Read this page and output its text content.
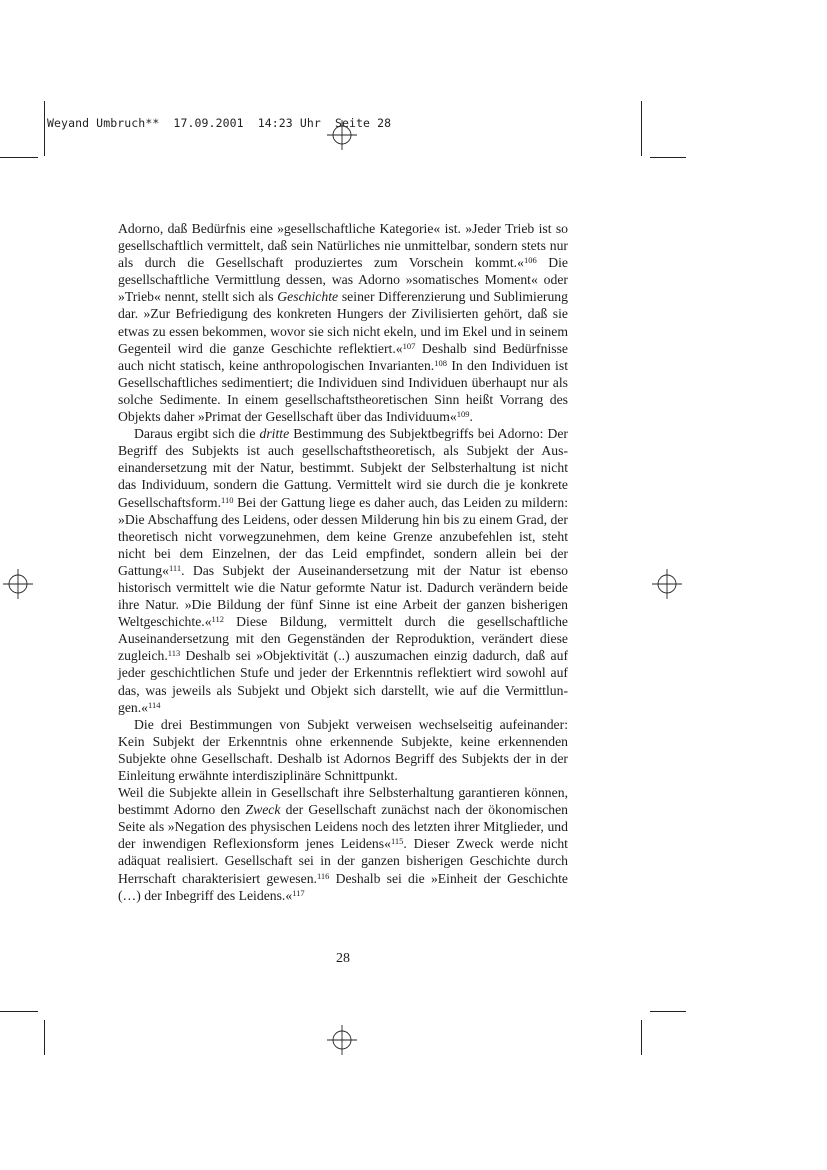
Weyand Umbruch**  17.09.2001  14:23 Uhr  Seite 28

Adorno, daß Bedürfnis eine »gesellschaftliche Kategorie« ist. »Jeder Trieb ist so gesellschaftlich vermittelt, daß sein Natürliches nie unmittelbar, sondern stets nur als durch die Gesellschaft produziertes zum Vorschein kommt.«$^{106}$ Die gesellschaftliche Vermittlung dessen, was Adorno »somatisches Moment« oder »Trieb« nennt, stellt sich als Geschichte seiner Differenzierung und Sublimierung dar. »Zur Befriedigung des konkreten Hungers der Zivilisierten gehört, daß sie etwas zu essen bekommen, wovor sie sich nicht ekeln, und im Ekel und in seinem Gegenteil wird die ganze Geschichte reflektiert.«$^{107}$ Deshalb sind Bedürfnisse auch nicht statisch, keine anthropologischen Invarianten.$^{108}$ In den Individuen ist Gesellschaftliches sedimentiert; die Individuen sind Individuen überhaupt nur als solche Sedimente. In einem gesellschaftstheoretischen Sinn heißt Vorrang des Objekts daher »Primat der Gesellschaft über das Individuum«$^{109}$.

Daraus ergibt sich die dritte Bestimmung des Subjektbegriffs bei Adorno: Der Begriff des Subjekts ist auch gesellschaftstheoretisch, als Subjekt der Auseinandersetzung mit der Natur, bestimmt. Subjekt der Selbsterhaltung ist nicht das Individuum, sondern die Gattung. Vermittelt wird sie durch die je konkrete Gesellschaftsform.$^{110}$ Bei der Gattung liege es daher auch, das Leiden zu mildern: »Die Abschaffung des Leidens, oder dessen Milderung hin bis zu einem Grad, der theoretisch nicht vorwegzunehmen, dem keine Grenze anzubefehlen ist, steht nicht bei dem Einzelnen, der das Leid empfindet, sondern allein bei der Gattung«$^{111}$. Das Subjekt der Auseinandersetzung mit der Natur ist ebenso historisch vermittelt wie die Natur geformte Natur ist. Dadurch verändern beide ihre Natur. »Die Bildung der fünf Sinne ist eine Arbeit der ganzen bisherigen Weltgeschichte.«$^{112}$ Diese Bildung, vermittelt durch die gesellschaftliche Auseinandersetzung mit den Gegenständen der Reproduktion, verändert diese zugleich.$^{113}$ Deshalb sei »Objektivität (..) auszumachen einzig dadurch, daß auf jeder geschichtlichen Stufe und jeder der Erkenntnis reflektiert wird sowohl auf das, was jeweils als Subjekt und Objekt sich darstellt, wie auf die Vermittlungen.«$^{114}$

Die drei Bestimmungen von Subjekt verweisen wechselseitig aufeinander: Kein Subjekt der Erkenntnis ohne erkennende Subjekte, keine erkennenden Subjekte ohne Gesellschaft. Deshalb ist Adornos Begriff des Subjekts der in der Einleitung erwähnte interdisziplinäre Schnittpunkt.

Weil die Subjekte allein in Gesellschaft ihre Selbsterhaltung garantieren können, bestimmt Adorno den Zweck der Gesellschaft zunächst nach der ökonomischen Seite als »Negation des physischen Leidens noch des letzten ihrer Mitglieder, und der inwendigen Reflexionsform jenes Leidens«$^{115}$. Dieser Zweck werde nicht adäquat realisiert. Gesellschaft sei in der ganzen bisherigen Geschichte durch Herrschaft charakterisiert gewesen.$^{116}$ Deshalb sei die »Einheit der Geschichte (…) der Inbegriff des Leidens.«$^{117}$

28
